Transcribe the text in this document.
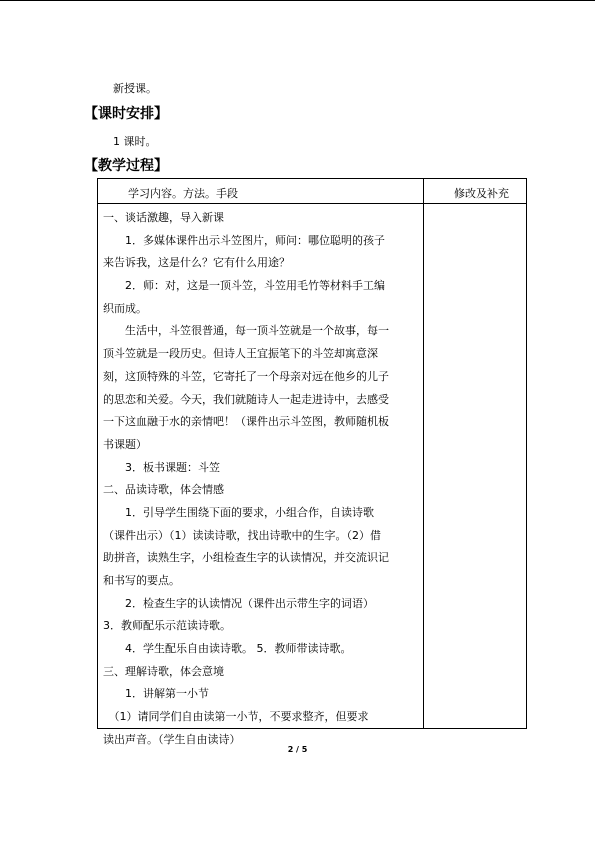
新授课。
【课时安排】
1 课时。
【教学过程】
学习内容。方法。手段	修改及补充
一、谈话激趣，导入新课
　　1．多媒体课件出示斗笠图片，师问：哪位聪明的孩子
来告诉我，这是什么？它有什么用途？
　　2．师：对，这是一顶斗笠，斗笠用毛竹等材料手工编
织而成。
　　生活中，斗笠很普通，每一顶斗笠就是一个故事，每一
顶斗笠就是一段历史。但诗人王宜振笔下的斗笠却寓意深
刻，这顶特殊的斗笠，它寄托了一个母亲对远在他乡的儿子
的思恋和关爱。今天，我们就随诗人一起走进诗中，去感受
一下这血融于水的亲情吧！（课件出示斗笠图，教师随机板
书课题）
　　3．板书课题：斗笠
二、品读诗歌，体会情感
　　1．引导学生围绕下面的要求，小组合作，自读诗歌
（课件出示）（1）读读诗歌，找出诗歌中的生字。（2）借
助拼音，读熟生字，小组检查生字的认读情况，并交流识记
和书写的要点。
　　2．检查生字的认读情况（课件出示带生字的词语）
3．教师配乐示范读诗歌。
　　4．学生配乐自由读诗歌。 5．教师带读诗歌。
三、理解诗歌，体会意境
　　1．讲解第一小节
　（1）请同学们自由读第一小节，不要求整齐，但要求
读出声音。（学生自由读诗）
2 / 5
